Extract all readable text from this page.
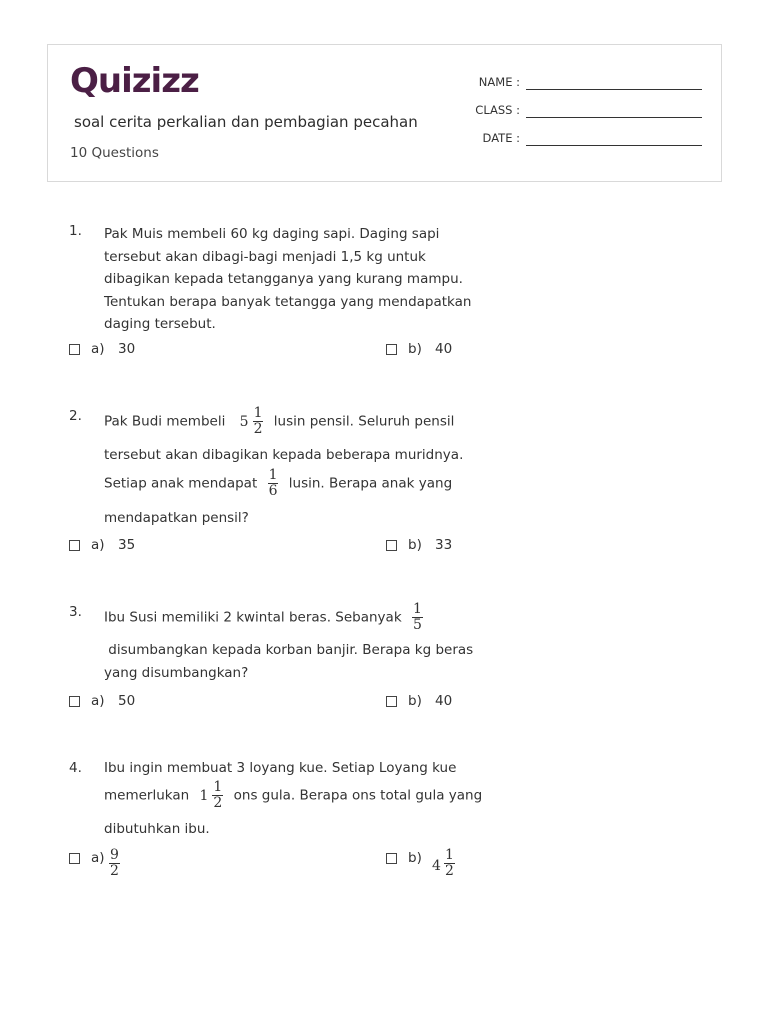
Quizizz
soal cerita perkalian dan pembagian pecahan
10 Questions
NAME :
CLASS :
DATE :
1. Pak Muis membeli 60 kg daging sapi. Daging sapi tersebut akan dibagi-bagi menjadi 1,5 kg untuk dibagikan kepada tetangganya yang kurang mampu. Tentukan berapa banyak tetangga yang mendapatkan daging tersebut.
a) 30	b) 40
2. Pak Budi membeli $5 \frac{1}{2}$ lusin pensil. Seluruh pensil
tersebut akan dibagikan kepada beberapa muridnya.
Setiap anak mendapat $\frac{1}{6} lusin$. Berapa anak yang
mendapatkan pensil?
a) 35	b) 33
3. Ibu Susi memiliki 2 kwintal beras. Sebanyak $\frac{1}{5}$
disumbangkan kepada korban banjir. Berapa kg beras
yang disumbangkan?
a) 50	b) 40
4. Ibu ingin membuat 3 loyang kue. Setiap Loyang kue
memerlukan $1 \frac{1}{2}$ ons gula. Berapa ons total gula yang
dibutuhkan ibu.
$a) \frac{9}{2}$	b) $4 \frac{1}{2}$
